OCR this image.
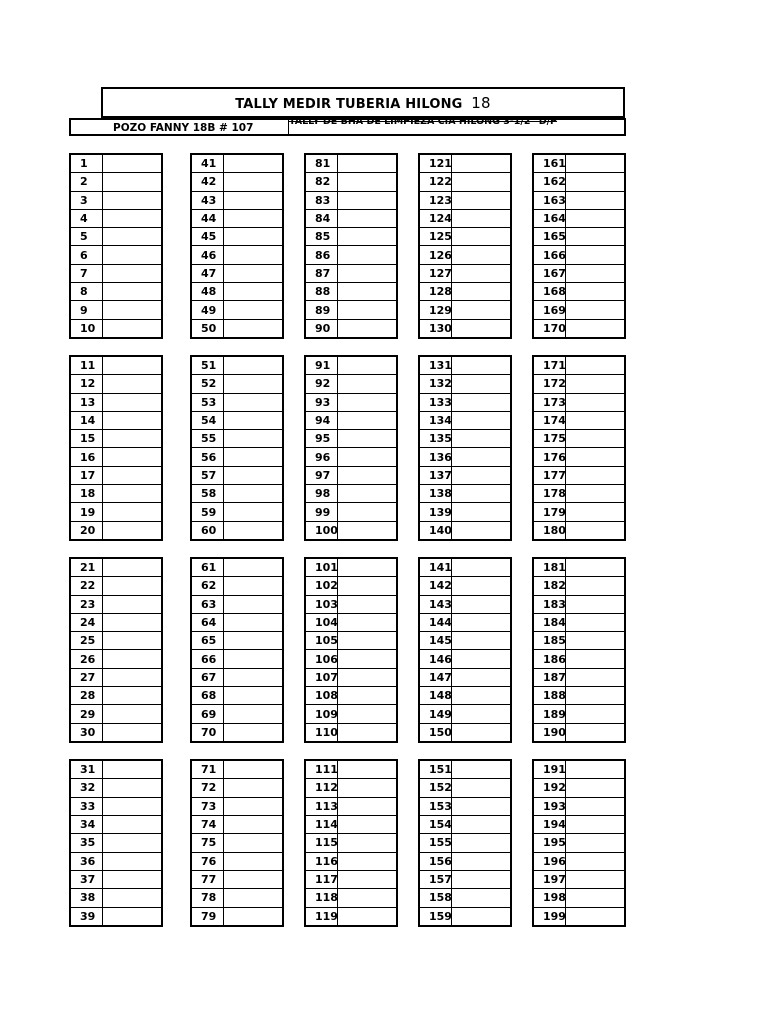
TALLY MEDIR TUBERIA HILONG 18
POZO FANNY 18B # 107
TALLY DE BHA DE LIMPIEZA CIA HILONG 3-1/2" D/P
1
2
3
4
5
6
7
8
9
10
41
42
43
44
45
46
47
48
49
50
81
82
83
84
85
86
87
88
89
90
121
122
123
124
125
126
127
128
129
130
161
162
163
164
165
166
167
168
169
170
11
12
13
14
15
16
17
18
19
20
51
52
53
54
55
56
57
58
59
60
91
92
93
94
95
96
97
98
99
100
131
132
133
134
135
136
137
138
139
140
171
172
173
174
175
176
177
178
179
180
21
22
23
24
25
26
27
28
29
30
61
62
63
64
65
66
67
68
69
70
101
102
103
104
105
106
107
108
109
110
141
142
143
144
145
146
147
148
149
150
181
182
183
184
185
186
187
188
189
190
31
32
33
34
35
36
37
38
39
71
72
73
74
75
76
77
78
79
111
112
113
114
115
116
117
118
119
151
152
153
154
155
156
157
158
159
191
192
193
194
195
196
197
198
199
